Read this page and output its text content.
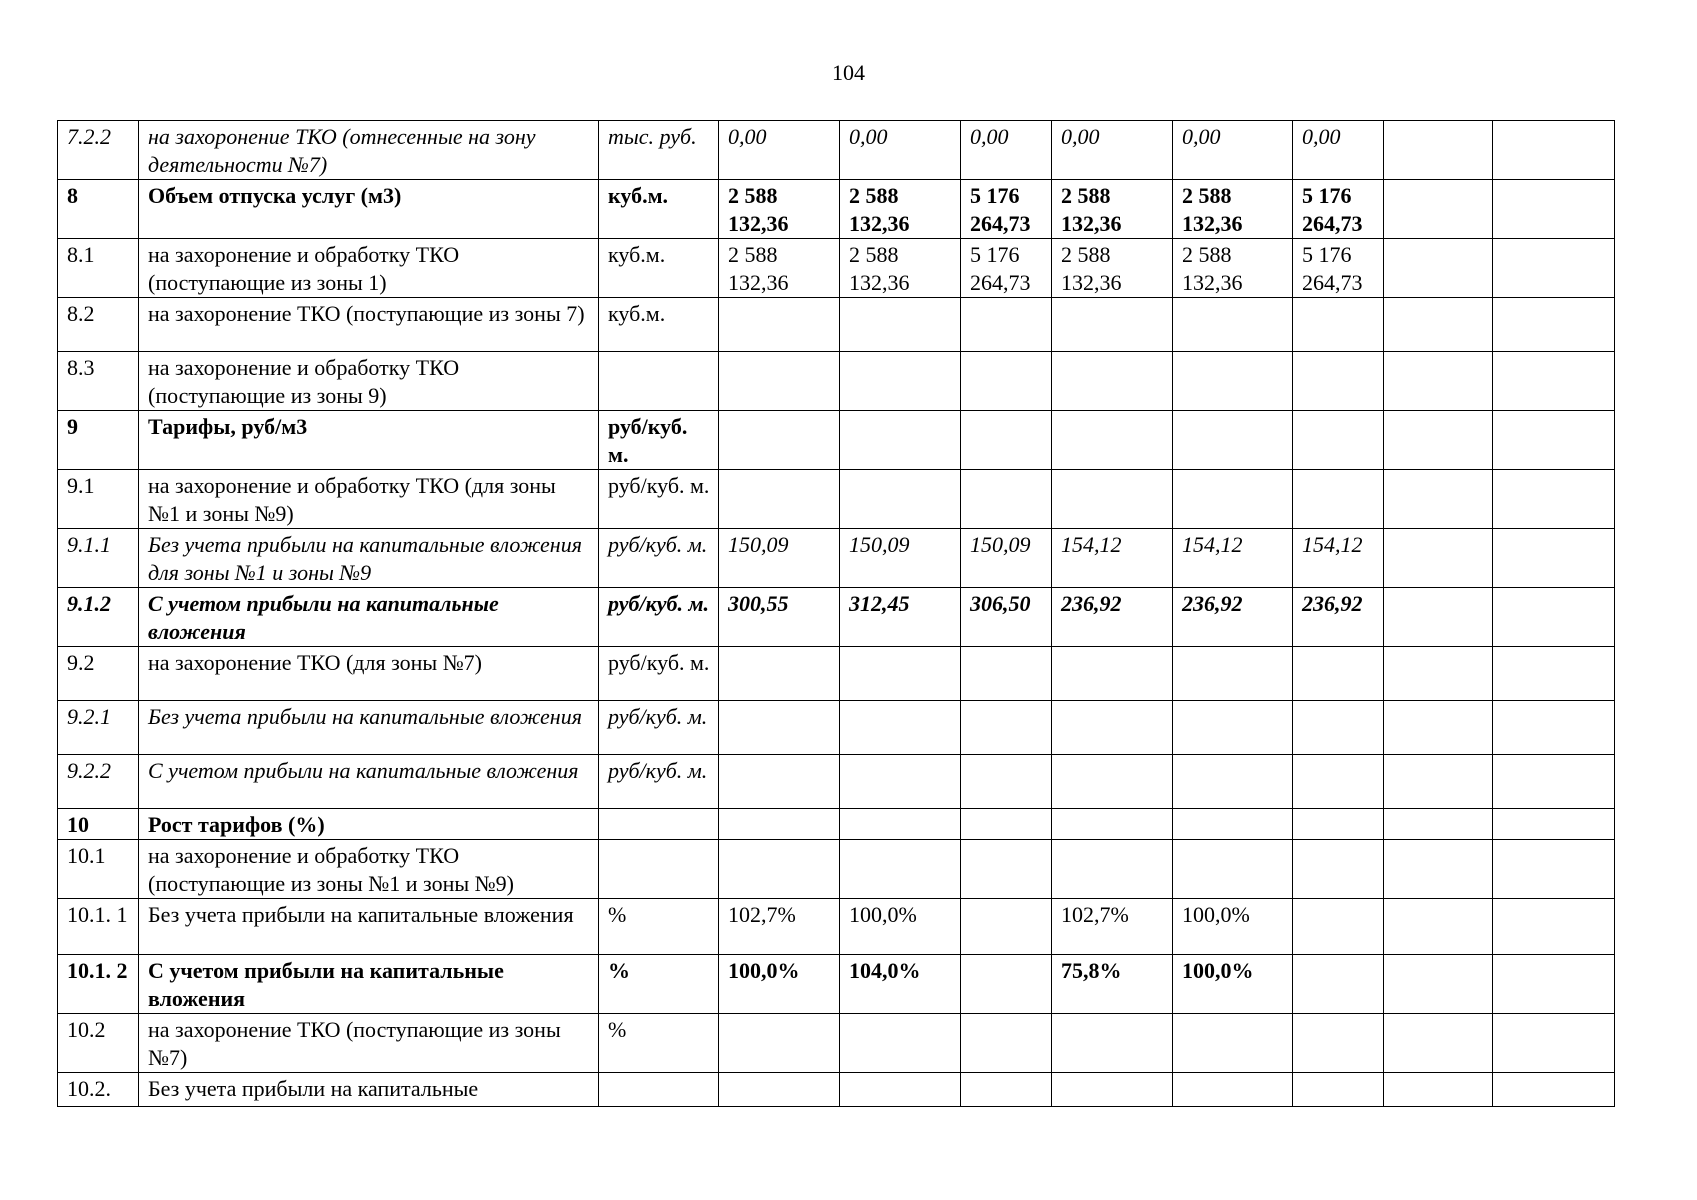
104
7.2.2	на захоронение ТКО (отнесенные на зону деятельности №7)	тыс. руб.	0,00	0,00	0,00	0,00	0,00	0,00		
8	Объем отпуска услуг (м3)	куб.м.	2 588 132,36	2 588 132,36	5 176 264,73	2 588 132,36	2 588 132,36	5 176 264,73		
8.1	на захоронение и обработку ТКО (поступающие из зоны 1)	куб.м.	2 588 132,36	2 588 132,36	5 176 264,73	2 588 132,36	2 588 132,36	5 176 264,73		
8.2	на захоронение ТКО (поступающие из зоны 7)	куб.м.								
8.3	на захоронение и обработку ТКО (поступающие из зоны 9)									
9	Тарифы, руб/м3	руб/куб. м.								
9.1	на захоронение и обработку ТКО (для зоны №1 и зоны №9)	руб/куб. м.								
9.1.1	Без учета прибыли на капитальные вложения для зоны №1 и зоны №9	руб/куб. м.	150,09	150,09	150,09	154,12	154,12	154,12		
9.1.2	С учетом прибыли на капитальные вложения	руб/куб. м.	300,55	312,45	306,50	236,92	236,92	236,92		
9.2	на захоронение ТКО (для зоны №7)	руб/куб. м.								
9.2.1	Без учета прибыли на капитальные вложения	руб/куб. м.								
9.2.2	С учетом прибыли на капитальные вложения	руб/куб. м.								
10	Рост тарифов (%)									
10.1	на захоронение и обработку ТКО (поступающие из зоны №1 и зоны №9)									
10.1. 1	Без учета прибыли на капитальные вложения	%	102,7%	100,0%		102,7%	100,0%			
10.1. 2	С учетом прибыли на капитальные вложения	%	100,0%	104,0%		75,8%	100,0%			
10.2	на захоронение ТКО (поступающие из зоны №7)	%								
10.2.	Без учета прибыли на капитальные									
